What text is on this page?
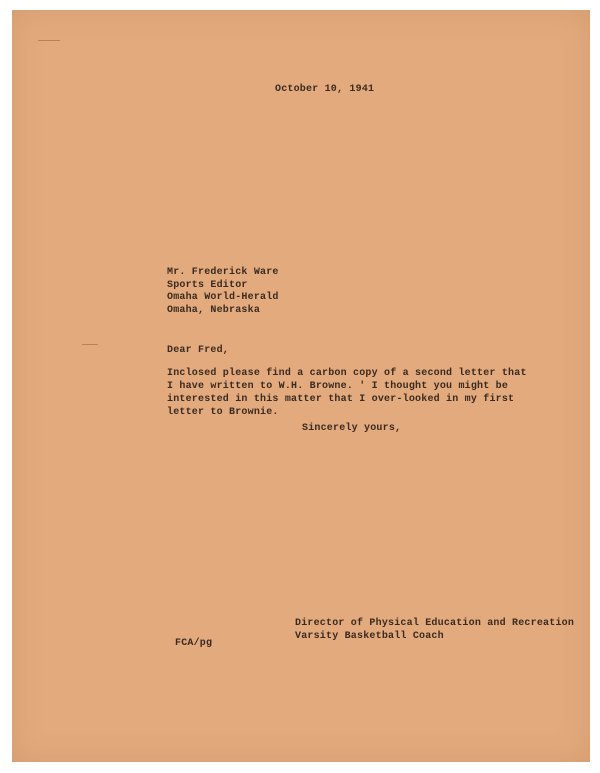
October 10, 1941
Mr. Frederick Ware
Sports Editor
Omaha World-Herald
Omaha, Nebraska
Dear Fred,
Inclosed please find a carbon copy of a second letter that
I have written to W.H. Browne. ' I thought you might be
interested in this matter that I over-looked in my first
letter to Brownie.
Sincerely yours,
FCA/pg
Director of Physical Education and Recreation
Varsity Basketball Coach
